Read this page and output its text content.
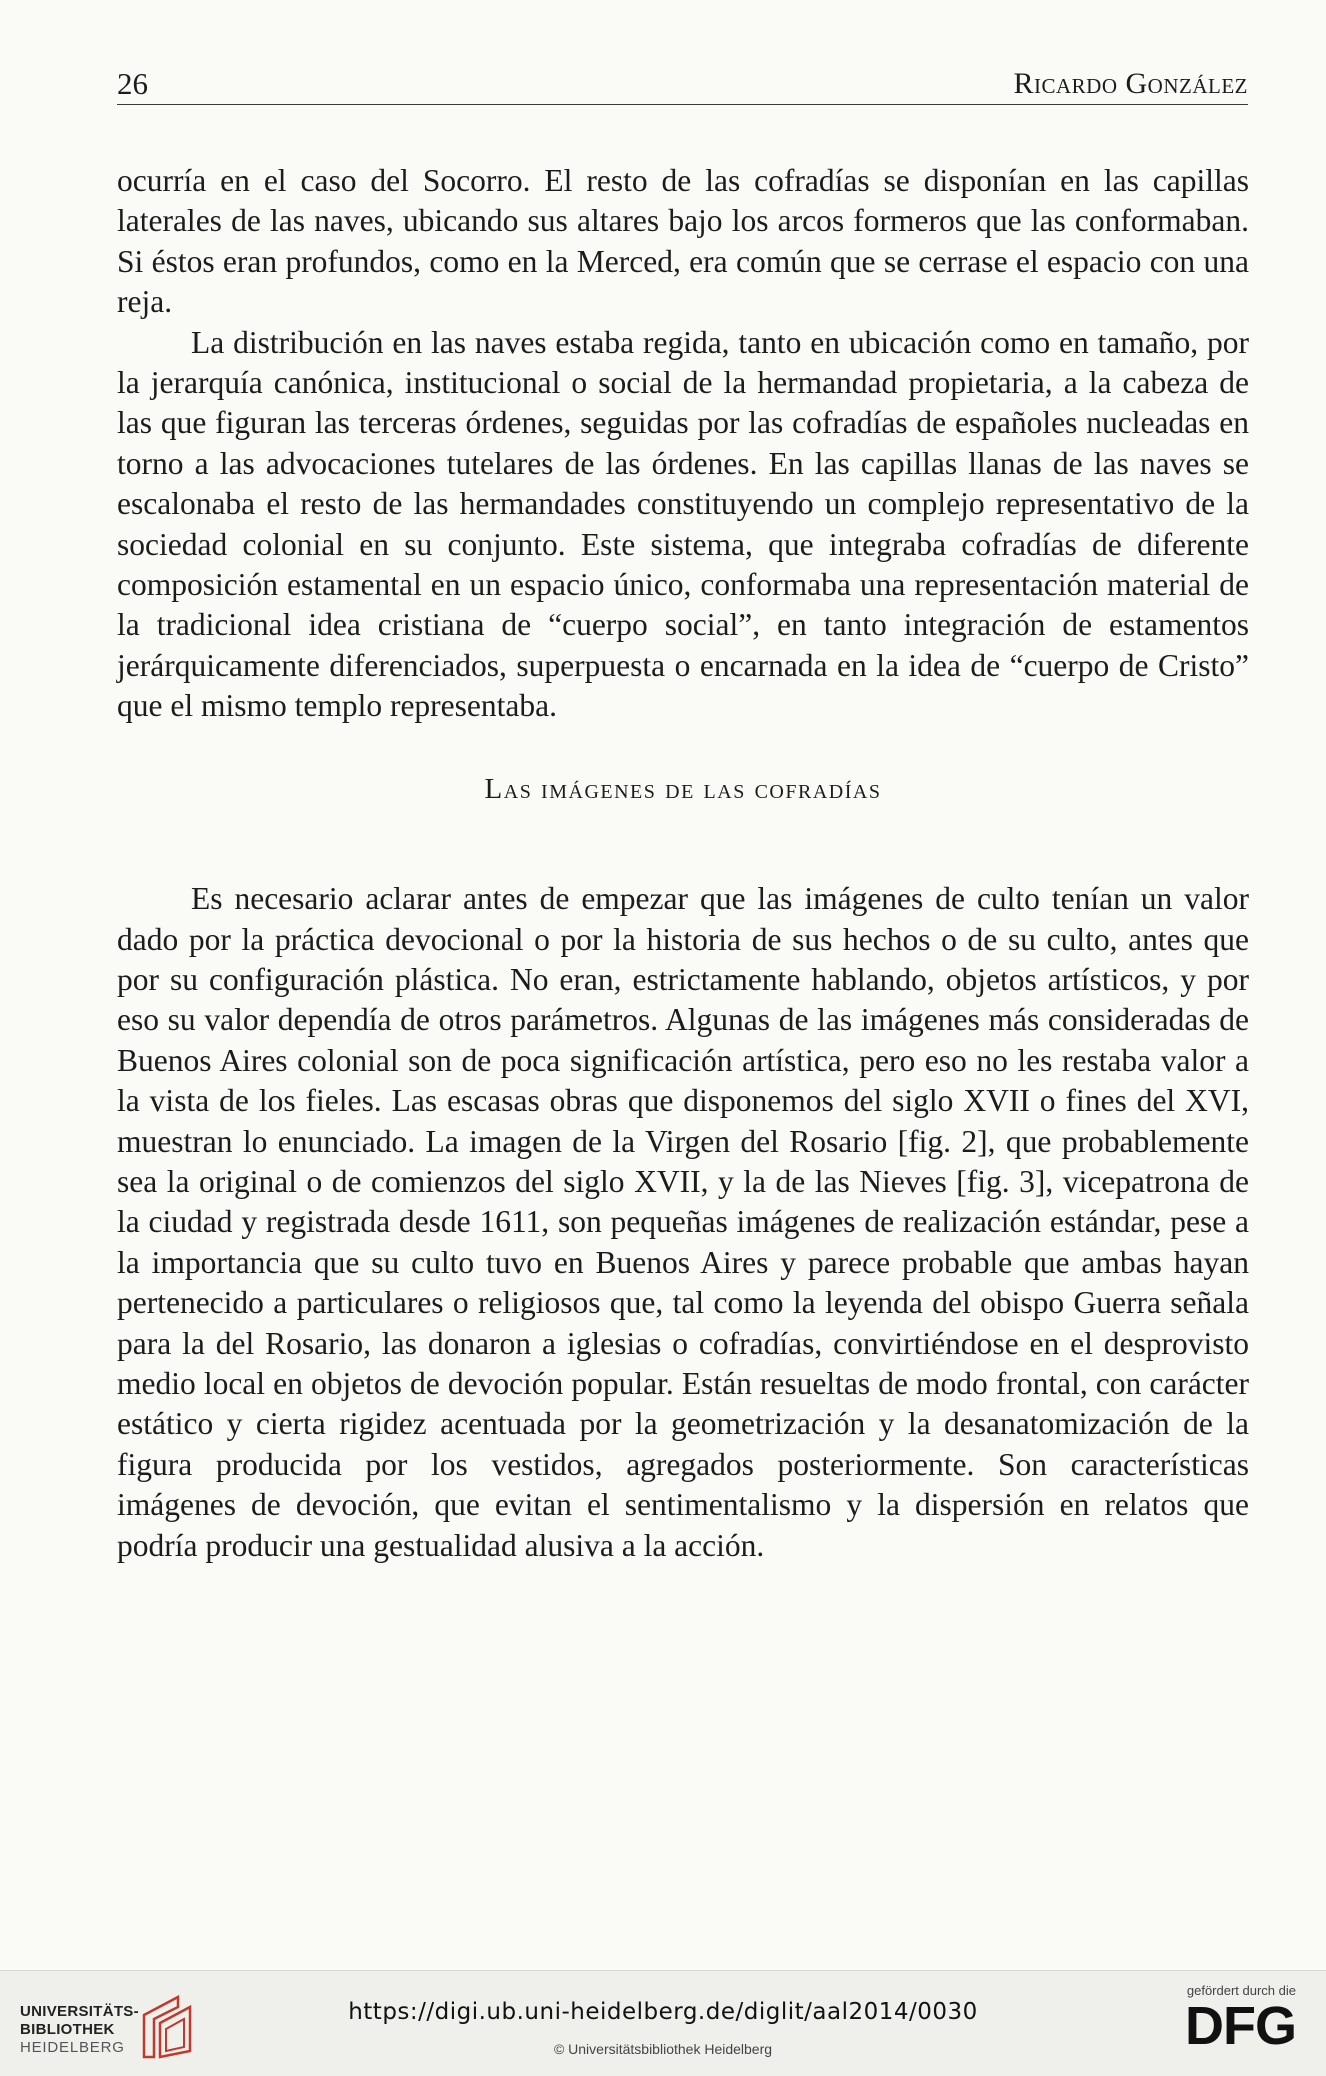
26	Ricardo González

ocurría en el caso del Socorro. El resto de las cofradías se disponían en las capillas laterales de las naves, ubicando sus altares bajo los arcos formeros que las conformaban. Si éstos eran profundos, como en la Merced, era común que se cerrase el espacio con una reja.

La distribución en las naves estaba regida, tanto en ubicación como en tamaño, por la jerarquía canónica, institucional o social de la hermandad propietaria, a la cabeza de las que figuran las terceras órdenes, seguidas por las cofradías de españoles nucleadas en torno a las advocaciones tutelares de las órdenes. En las capillas llanas de las naves se escalonaba el resto de las hermandades constituyendo un complejo representativo de la sociedad colonial en su conjunto. Este sistema, que integraba cofradías de diferente composición estamental en un espacio único, conformaba una representación material de la tradicional idea cristiana de “cuerpo social”, en tanto integración de estamentos jerárquicamente diferenciados, superpuesta o encarnada en la idea de “cuerpo de Cristo” que el mismo templo representaba.

Las imágenes de las cofradías

Es necesario aclarar antes de empezar que las imágenes de culto tenían un valor dado por la práctica devocional o por la historia de sus hechos o de su culto, antes que por su configuración plástica. No eran, estrictamente hablando, objetos artísticos, y por eso su valor dependía de otros parámetros. Algunas de las imágenes más consideradas de Buenos Aires colonial son de poca significación artística, pero eso no les restaba valor a la vista de los fieles. Las escasas obras que disponemos del siglo XVII o fines del XVI, muestran lo enunciado. La imagen de la Virgen del Rosario [fig. 2], que probablemente sea la original o de comienzos del siglo XVII, y la de las Nieves [fig. 3], vicepatrona de la ciudad y registrada desde 1611, son pequeñas imágenes de realización estándar, pese a la importancia que su culto tuvo en Buenos Aires y parece probable que ambas hayan pertenecido a particulares o religiosos que, tal como la leyenda del obispo Guerra señala para la del Rosario, las donaron a iglesias o cofradías, convirtiéndose en el desprovisto medio local en objetos de devoción popular. Están resueltas de modo frontal, con carácter estático y cierta rigidez acentuada por la geometrización y la desanatomización de la figura producida por los vestidos, agregados posteriormente. Son características imágenes de devoción, que evitan el sentimentalismo y la dispersión en relatos que podría producir una gestualidad alusiva a la acción.

UNIVERSITÄTS-
BIBLIOTHEK
HEIDELBERG
https://digi.ub.uni-heidelberg.de/diglit/aal2014/0030
© Universitätsbibliothek Heidelberg
gefördert durch die
DFG
